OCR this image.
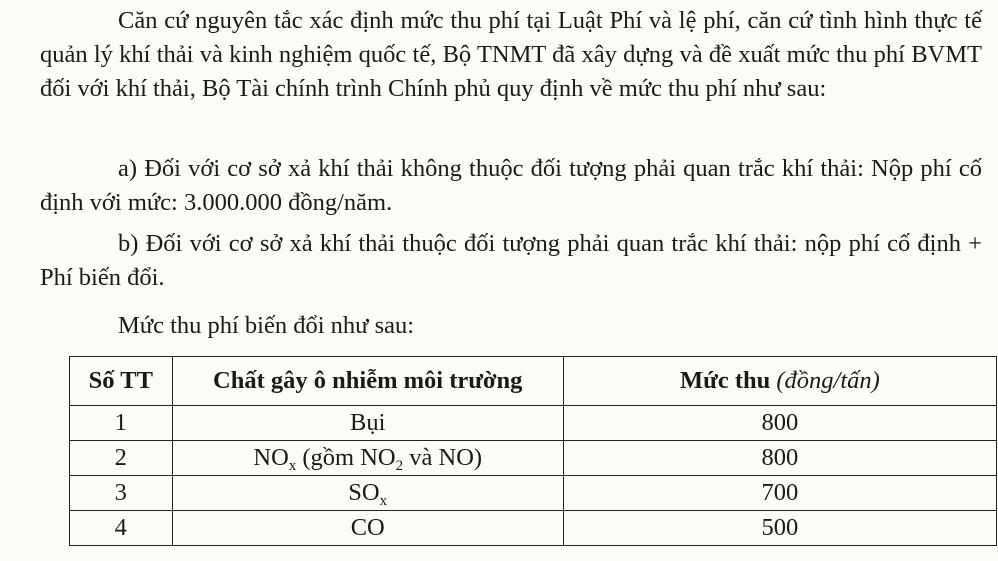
Căn cứ nguyên tắc xác định mức thu phí tại Luật Phí và lệ phí, căn cứ tình hình thực tế quản lý khí thải và kinh nghiệm quốc tế, Bộ TNMT đã xây dựng và đề xuất mức thu phí BVMT đối với khí thải, Bộ Tài chính trình Chính phủ quy định về mức thu phí như sau:

a) Đối với cơ sở xả khí thải không thuộc đối tượng phải quan trắc khí thải: Nộp phí cố định với mức: 3.000.000 đồng/năm.

b) Đối với cơ sở xả khí thải thuộc đối tượng phải quan trắc khí thải: nộp phí cố định + Phí biến đổi.

Mức thu phí biến đổi như sau:

Số TT	Chất gây ô nhiễm môi trường	Mức thu (đồng/tấn)
1	Bụi	800
2	$NO_x$ (gồm $NO_2$ và NO)	800
3	$SO_x$	700
4	CO	500
